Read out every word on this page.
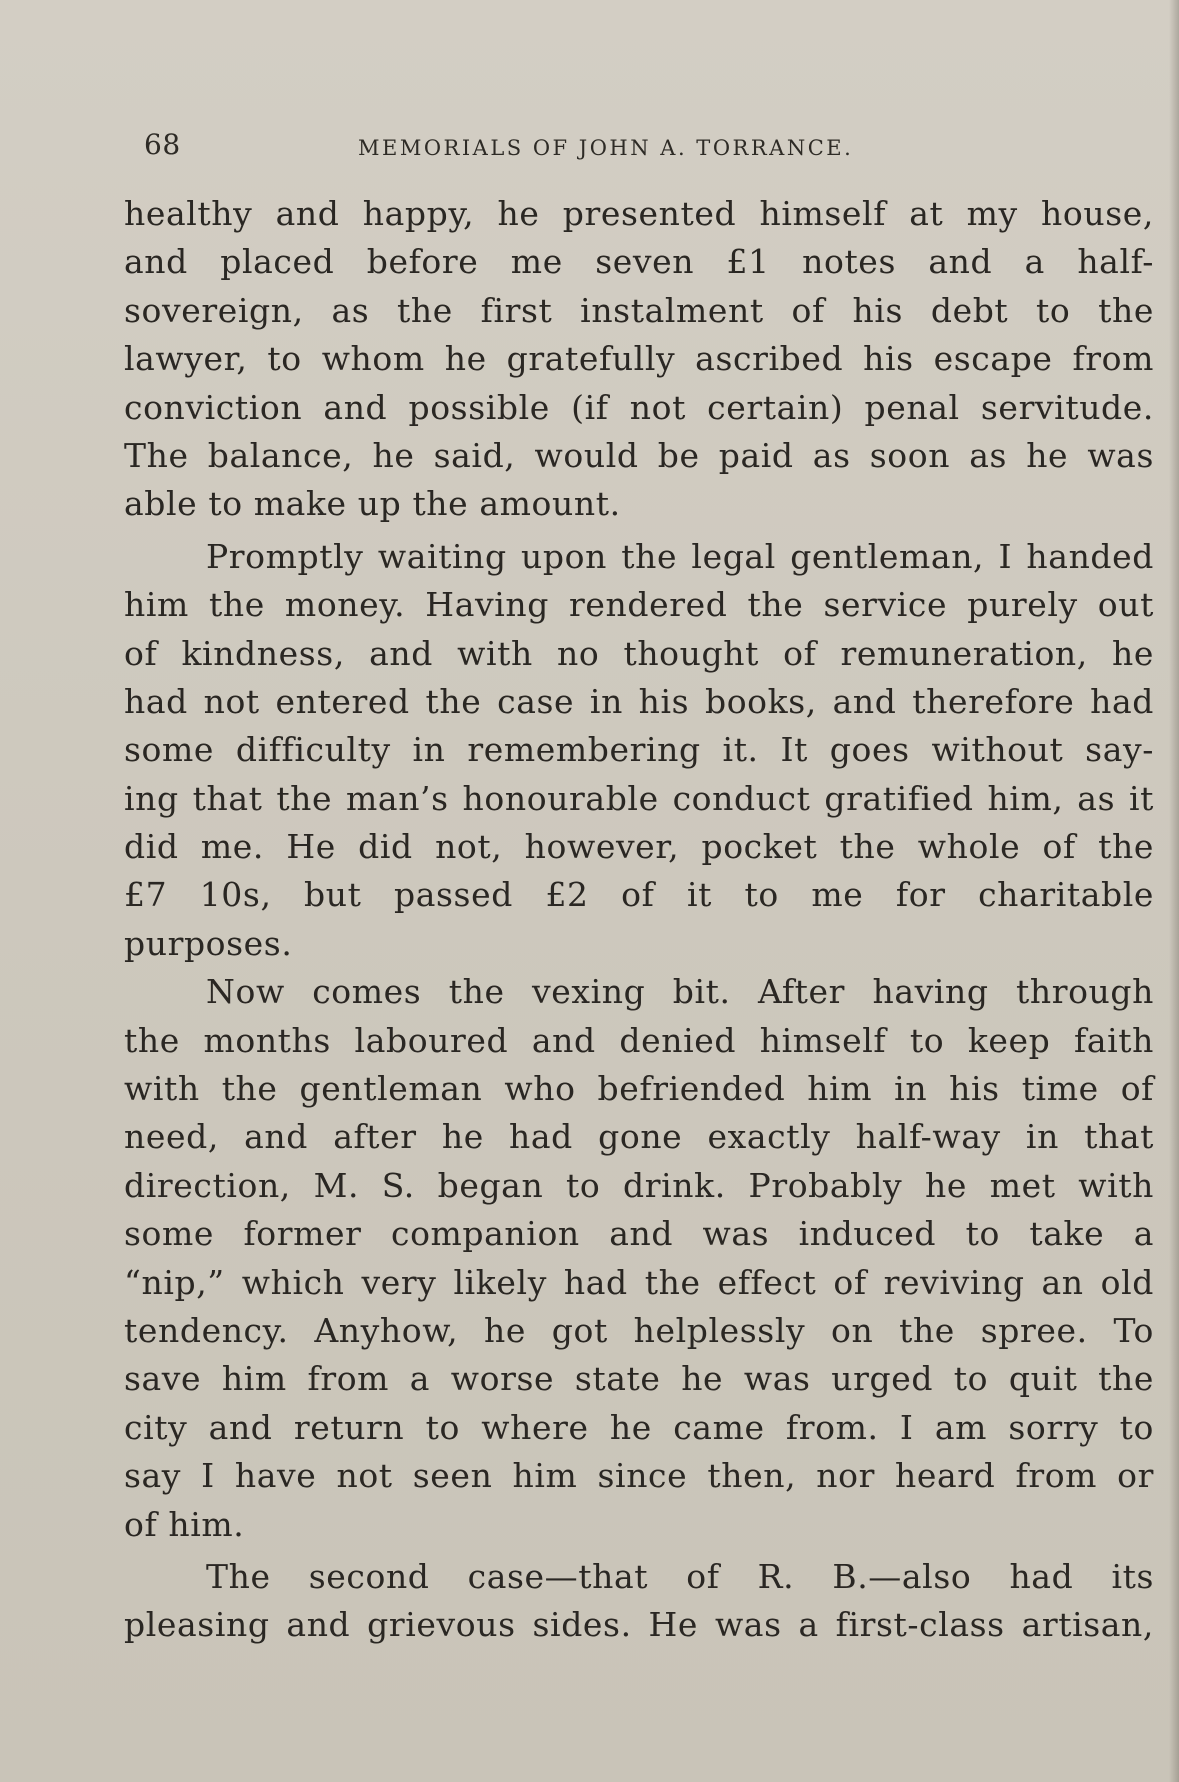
68	MEMORIALS OF JOHN A. TORRANCE.
healthy and happy, he presented himself at my house,
and placed before me seven £1 notes and a half-
sovereign, as the first instalment of his debt to the
lawyer, to whom he gratefully ascribed his escape from
conviction and possible (if not certain) penal servitude.
The balance, he said, would be paid as soon as he was
able to make up the amount.
Promptly waiting upon the legal gentleman, I handed
him the money. Having rendered the service purely out
of kindness, and with no thought of remuneration, he
had not entered the case in his books, and therefore had
some difficulty in remembering it. It goes without say-
ing that the man’s honourable conduct gratified him, as it
did me. He did not, however, pocket the whole of the
£7 10s, but passed £2 of it to me for charitable
purposes.
Now comes the vexing bit. After having through
the months laboured and denied himself to keep faith
with the gentleman who befriended him in his time of
need, and after he had gone exactly half-way in that
direction, M. S. began to drink. Probably he met with
some former companion and was induced to take a
“nip,” which very likely had the effect of reviving an old
tendency. Anyhow, he got helplessly on the spree. To
save him from a worse state he was urged to quit the
city and return to where he came from. I am sorry to
say I have not seen him since then, nor heard from or
of him.
The second case—that of R. B.—also had its
pleasing and grievous sides. He was a first-class artisan,
